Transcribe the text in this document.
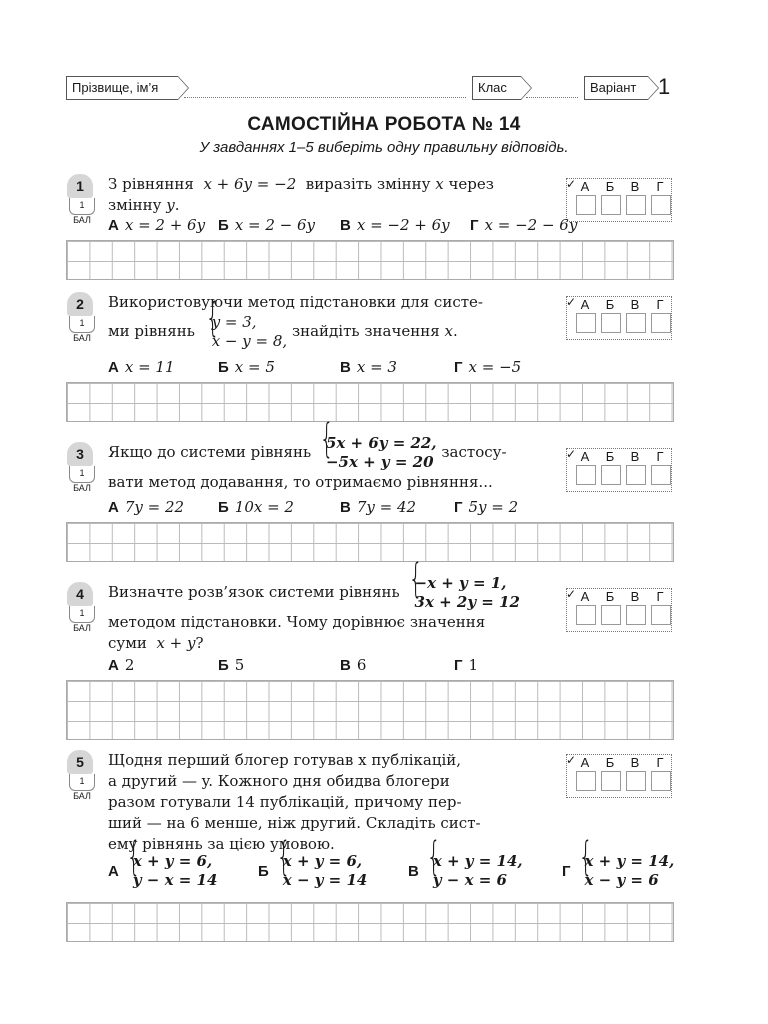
Прізвище, ім’я	Клас	Варіант 1
САМОСТІЙНА РОБОТА № 14
У завданнях 1–5 виберіть одну правильну відповідь.
1
1 БАЛ
З рівняння x + 6y = −2 виразіть змінну x через
змінну y.
✓ А	Б	В	Г
А x = 2 + 6y Б x = 2 − 6y В x = −2 + 6y Г x = −2 − 6y
2
1 БАЛ
Використовуючи метод підстановки для систе-
ми рівнянь { y = 3,
x − y = 8, знайдіть значення x.
✓ А	Б	В	Г
А x = 11	Б x = 5	В x = 3	Г x = −5
3
1 БАЛ
Якщо до системи рівнянь { 5x + 6y = 22,
−5x + y = 20 застосу-
вати метод додавання, то отримаємо рівняння...
✓ А	Б	В	Г
А 7y = 22 Б 10x = 2	В 7y = 42	Г 5y = 2
4
1 БАЛ
Визначте розв’язок системи рівнянь { −x + y = 1,
3x + 2y = 12
методом підстановки. Чому дорівнює значення
суми x + y?
✓ А	Б	В	Г
А 2	Б 5	В 6	Г 1
5
1 БАЛ
Щодня перший блогер готував x публікацій,
а другий — y. Кожного дня обидва блогери
разом готували 14 публікацій, причому пер-
ший — на 6 менше, ніж другий. Складіть сист-
ему рівнянь за цією умовою.
✓ А	Б	В	Г
А{ x + y = 6,
y − x = 14	Б{ x + y = 6,
x − y = 14	В{ x + y = 14,
y − x = 6	Г{ x + y = 14,
x − y = 6
